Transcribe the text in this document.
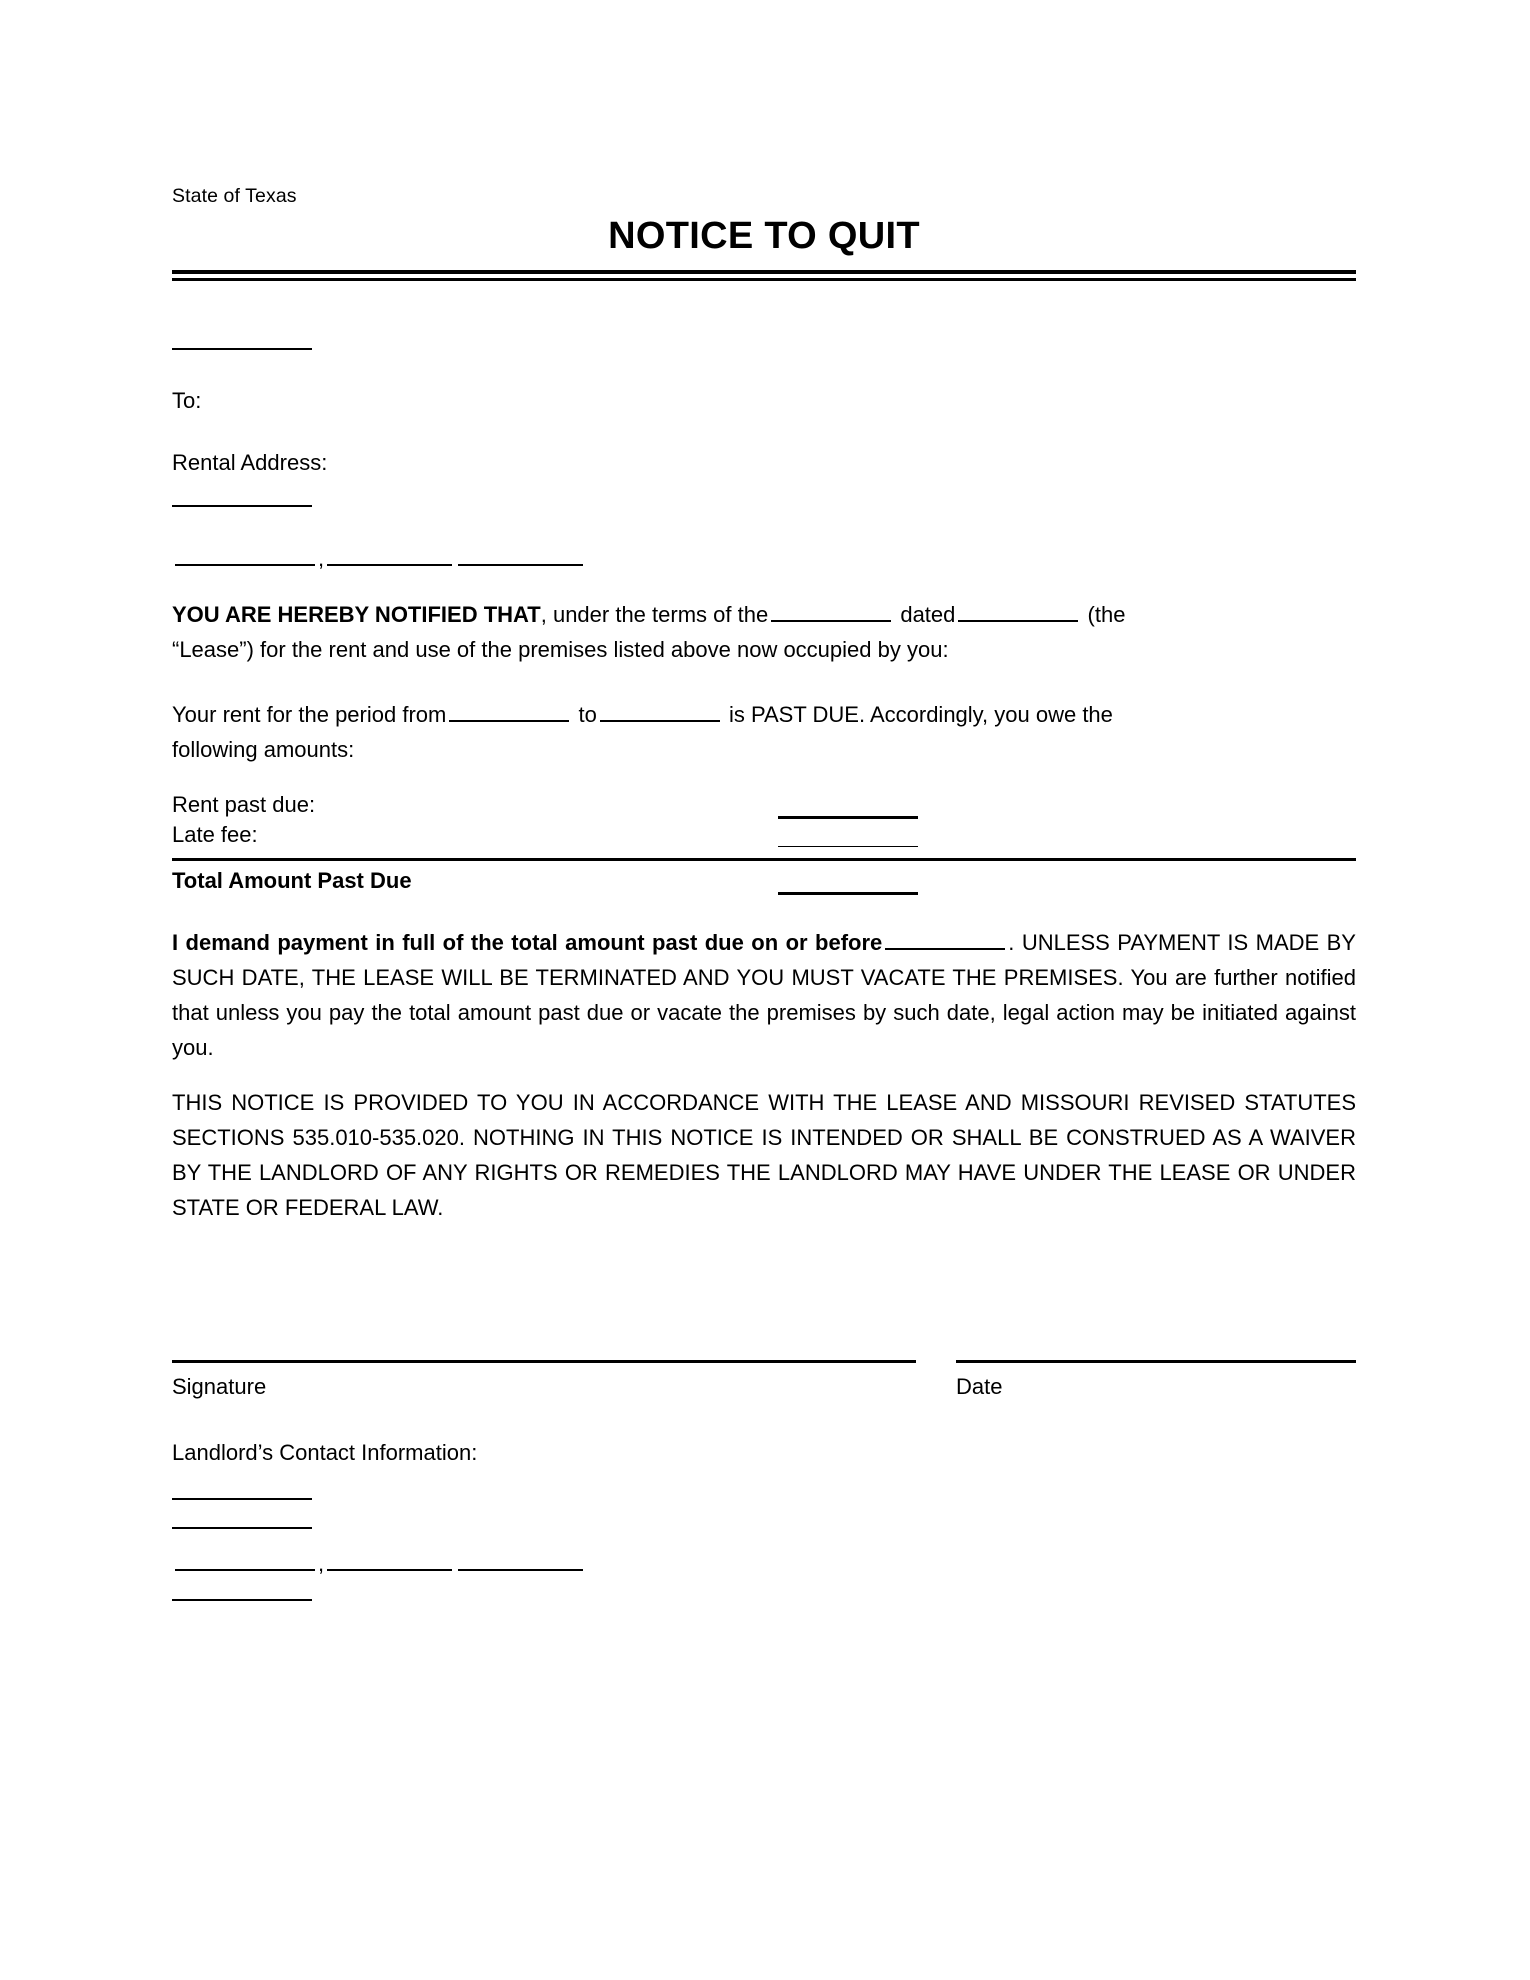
State of Texas
NOTICE TO QUIT
To:
Rental Address:
,

YOU ARE HEREBY NOTIFIED THAT, under the terms of the	dated	(the

“Lease”) for the rent and use of the premises listed above now occupied by you:

Your rent for the period from	to	is PAST DUE. Accordingly, you owe the

following amounts:

Rent past due:
Late fee:
Total Amount Past Due

I demand payment in full of the total amount past due on or before	. UNLESS PAYMENT IS MADE BY SUCH DATE, THE LEASE WILL BE TERMINATED AND YOU MUST VACATE THE PREMISES. You are further notified that unless you pay the total amount past due or vacate the premises by such date, legal action may be initiated against you.

THIS NOTICE IS PROVIDED TO YOU IN ACCORDANCE WITH THE LEASE AND MISSOURI REVISED STATUTES SECTIONS 535.010-535.020. NOTHING IN THIS NOTICE IS INTENDED OR SHALL BE CONSTRUED AS A WAIVER BY THE LANDLORD OF ANY RIGHTS OR REMEDIES THE LANDLORD MAY HAVE UNDER THE LEASE OR UNDER STATE OR FEDERAL LAW.

Signature	Date
Landlord’s Contact Information:
,
